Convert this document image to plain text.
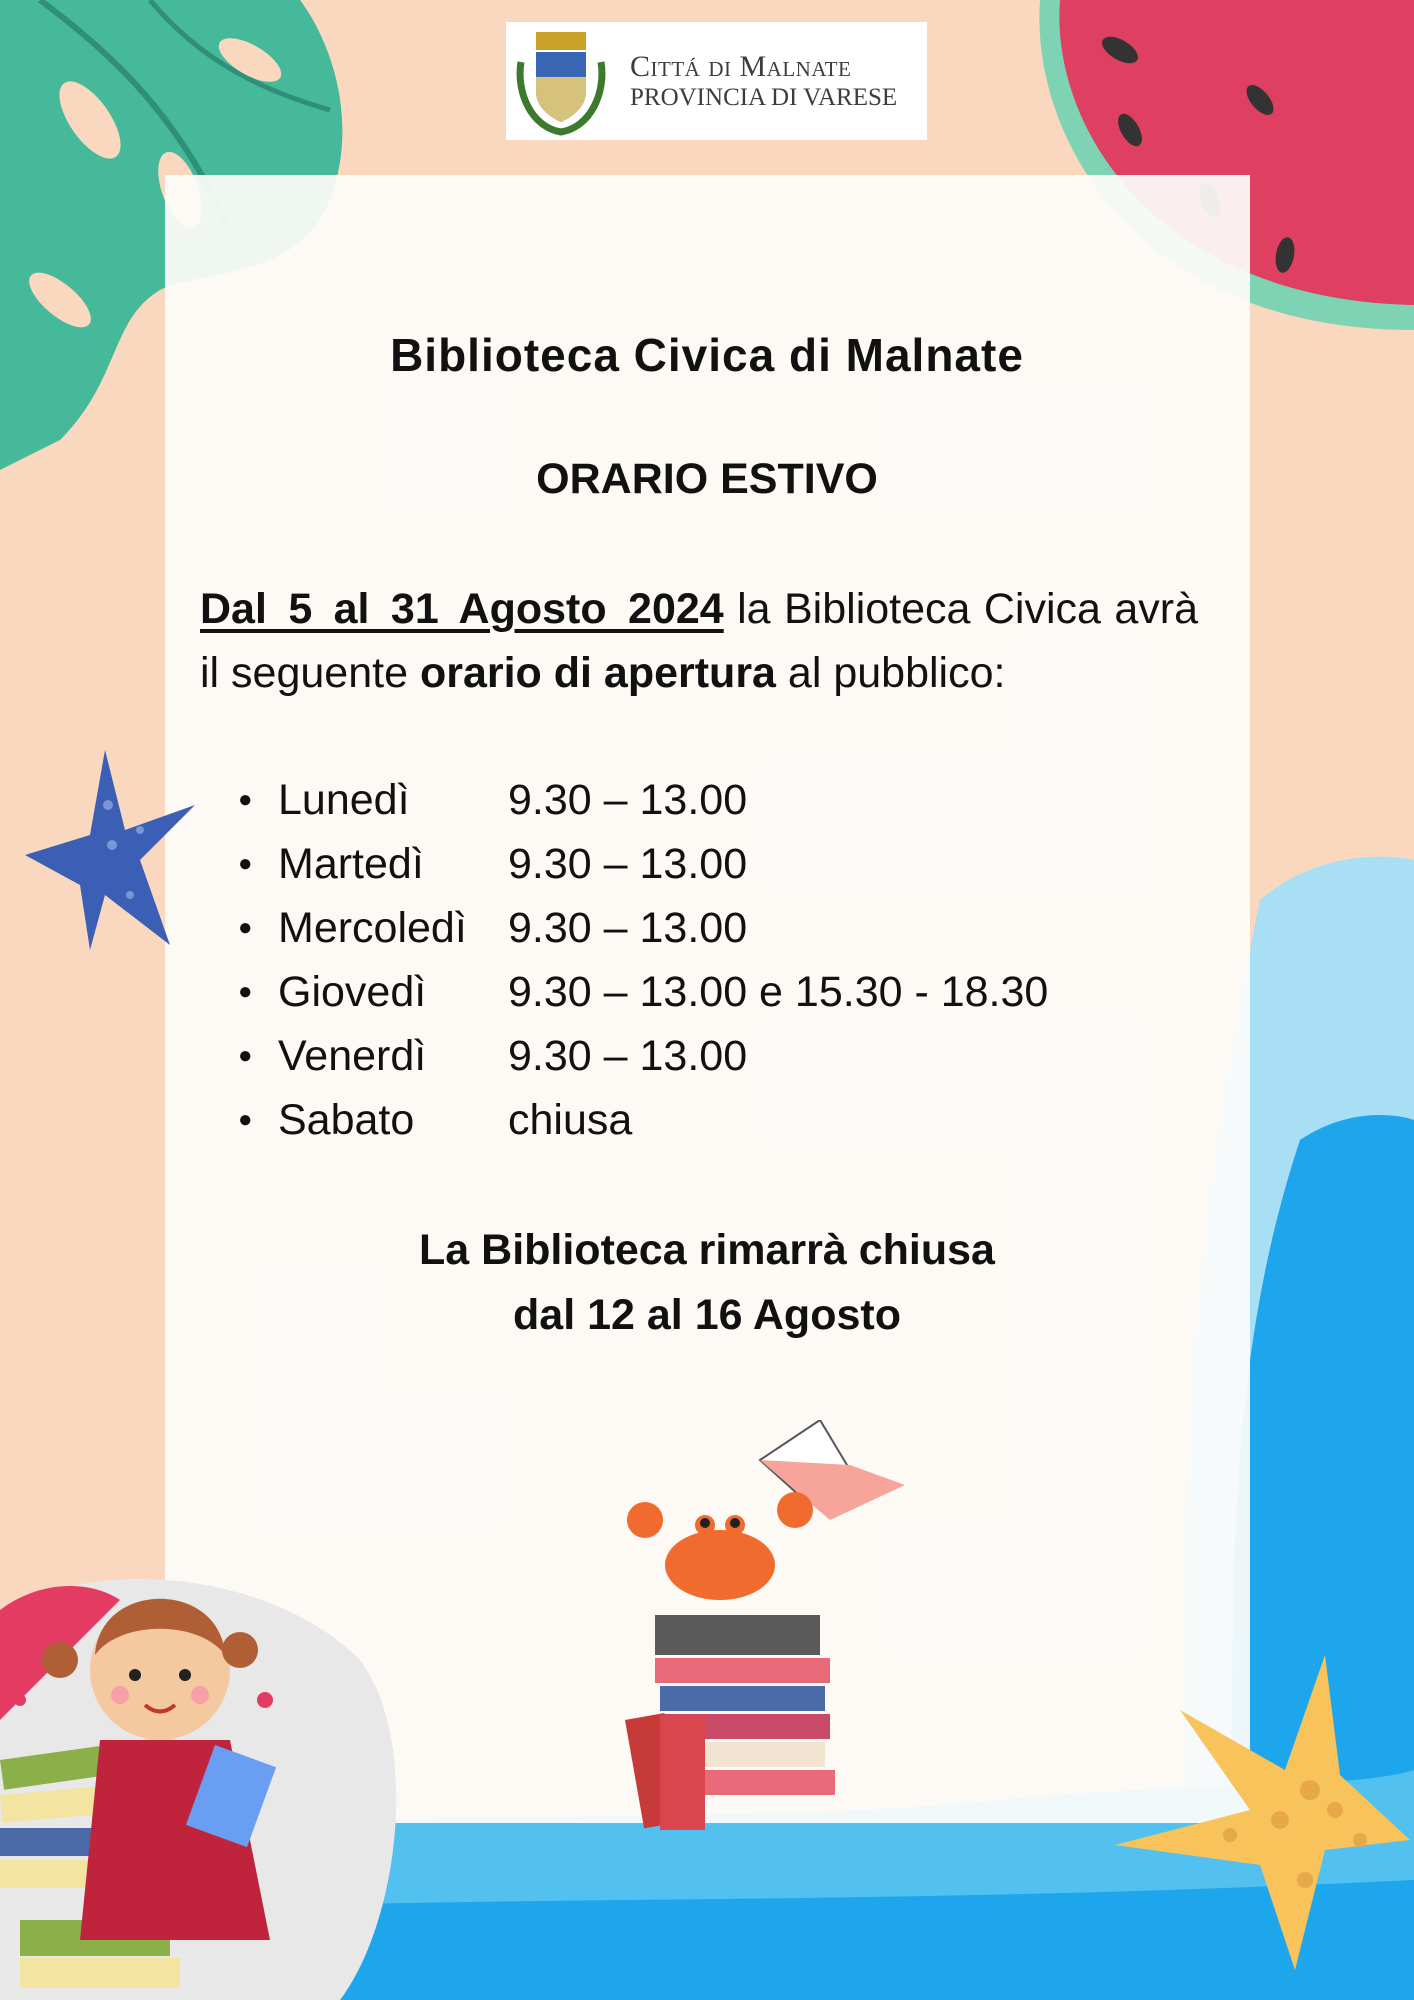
Cittá di Malnate
PROVINCIA DI VARESE
Biblioteca Civica di Malnate
ORARIO ESTIVO
Dal 5 al 31 Agosto 2024 la Biblioteca Civica avrà il seguente orario di apertura al pubblico:
● Lunedì	9.30 – 13.00
● Martedì	9.30 – 13.00
● Mercoledì 9.30 – 13.00
● Giovedì	9.30 – 13.00 e 15.30 - 18.30
● Venerdì	9.30 – 13.00
● Sabato	chiusa
La Biblioteca rimarrà chiusa
dal 12 al 16 Agosto
